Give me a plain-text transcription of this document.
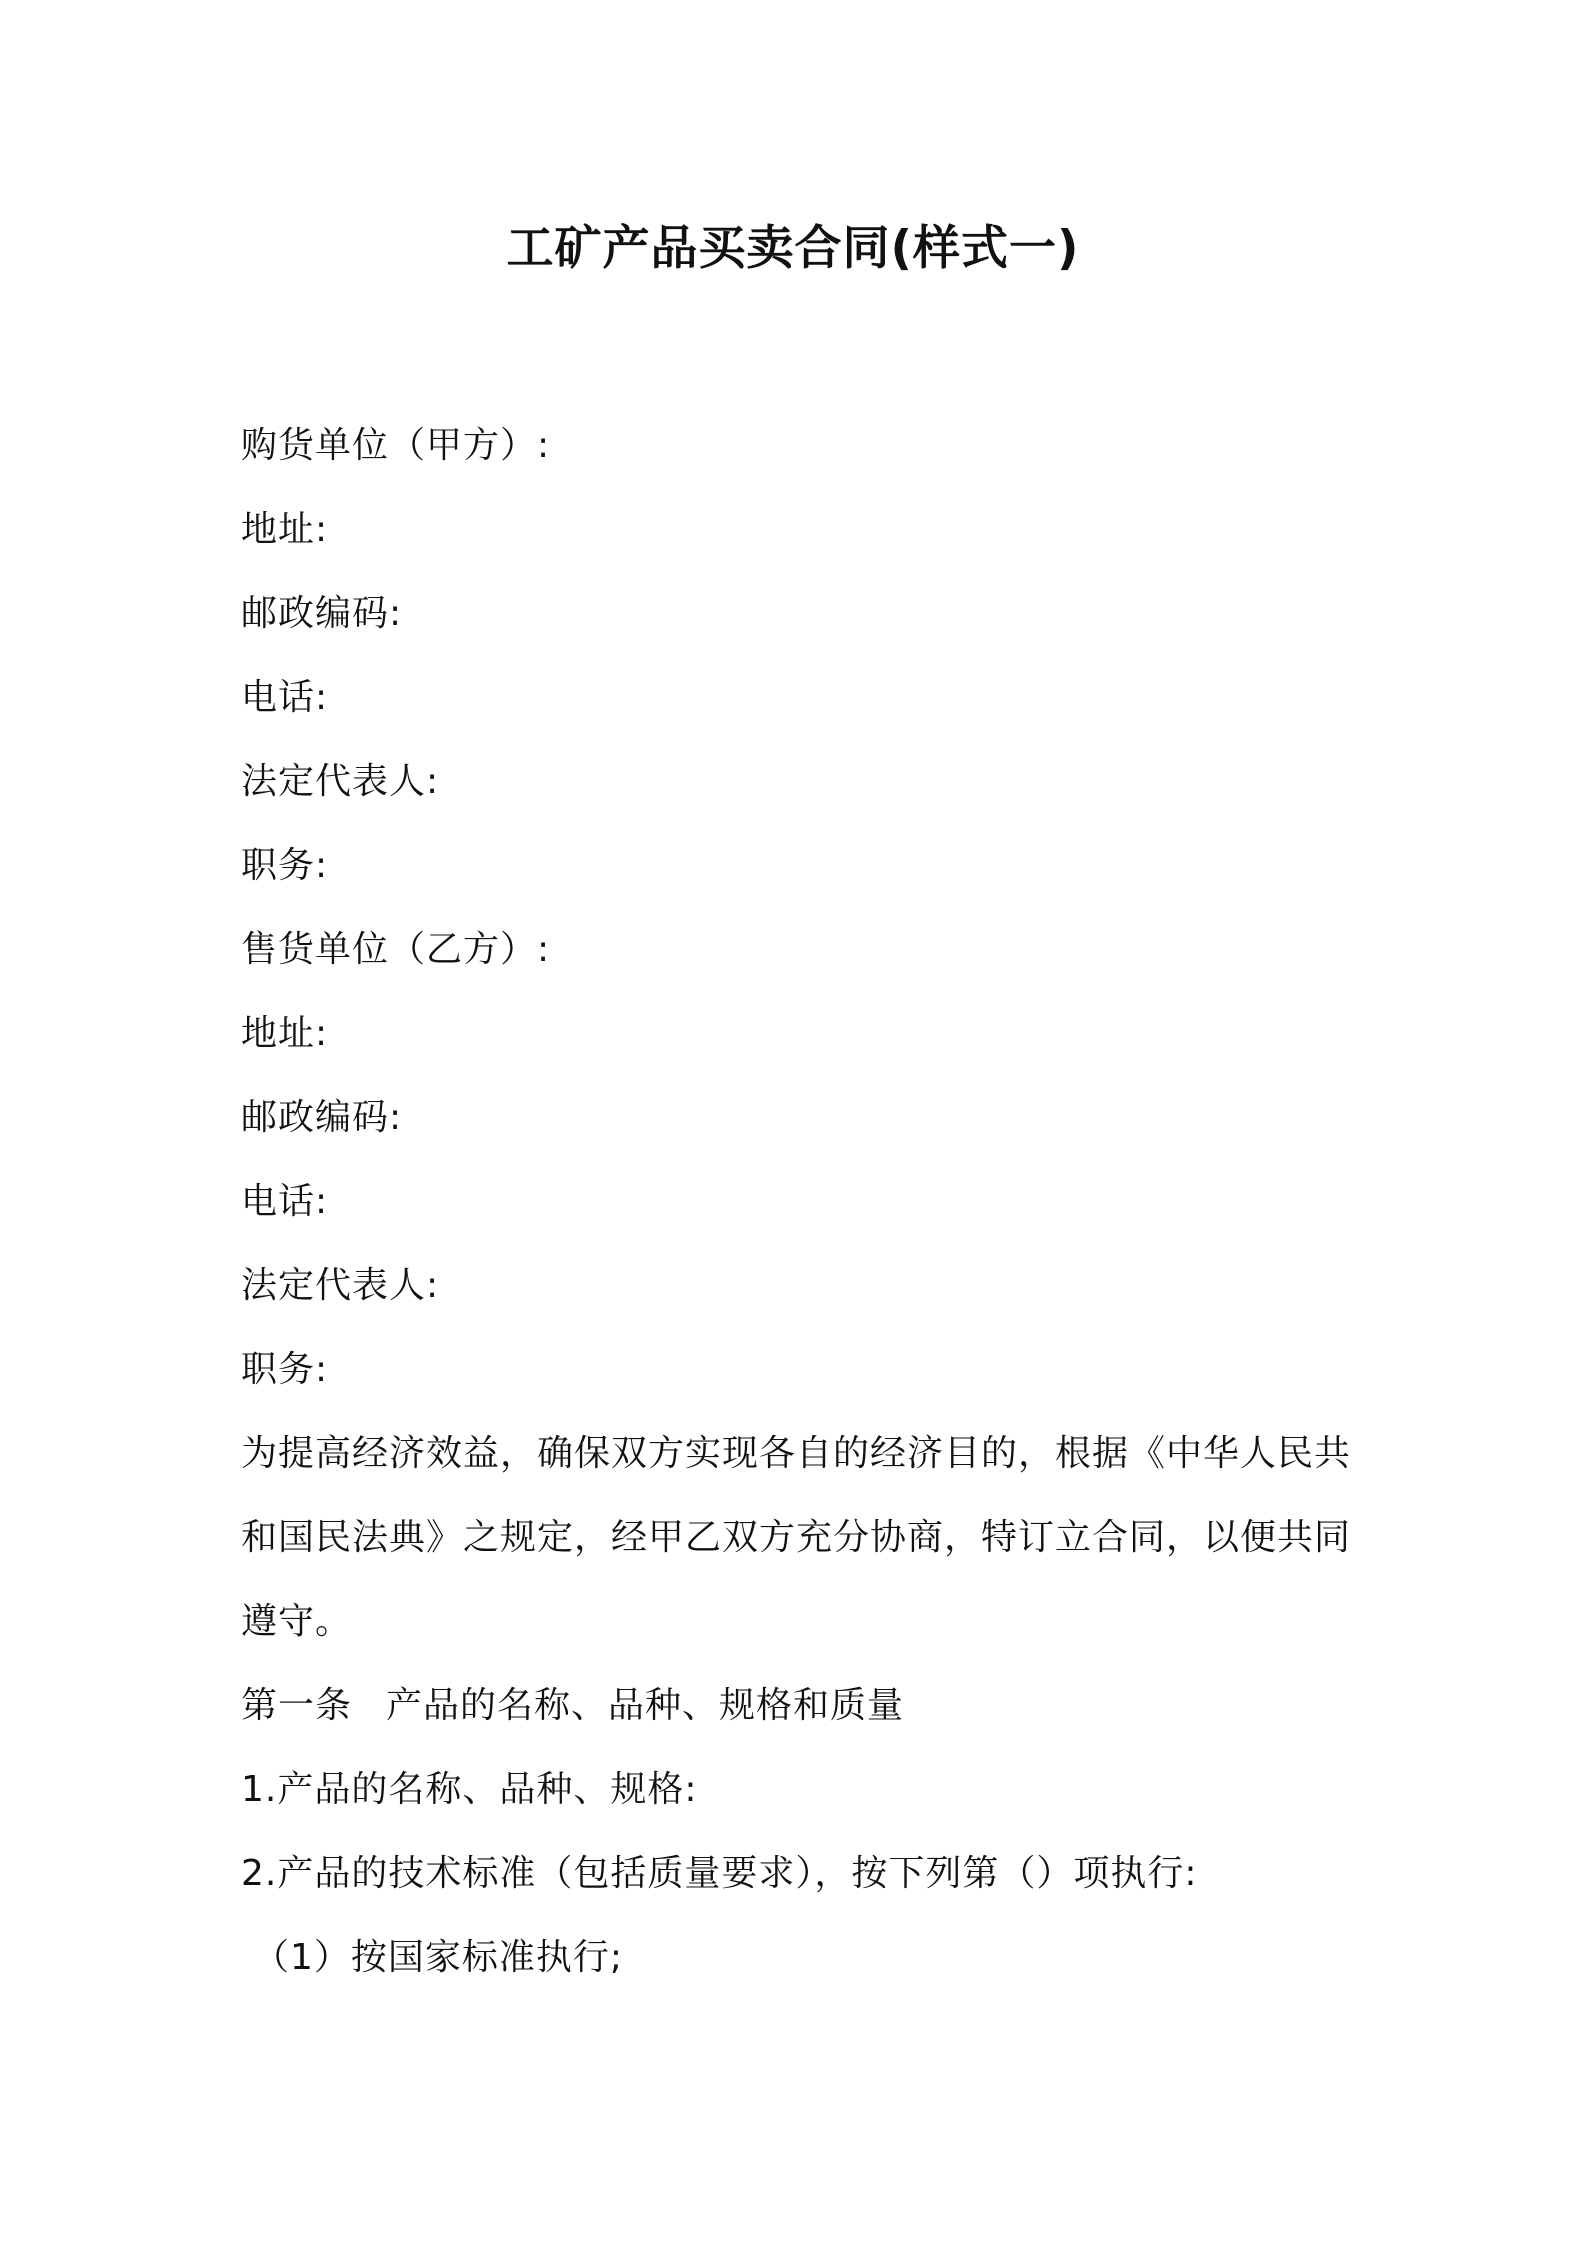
工矿产品买卖合同(样式一)
购货单位（甲方）:
地址:
邮政编码:
电话:
法定代表人:
职务:
售货单位（乙方）:
地址:
邮政编码:
电话:
法定代表人:
职务:
为提高经济效益，确保双方实现各自的经济目的，根据《中华人民共和国民法典》之规定，经甲乙双方充分协商，特订立合同，以便共同遵守。
第一条 产品的名称、品种、规格和质量
1.产品的名称、品种、规格:
2.产品的技术标准（包括质量要求），按下列第（）项执行:
（1）按国家标准执行;
